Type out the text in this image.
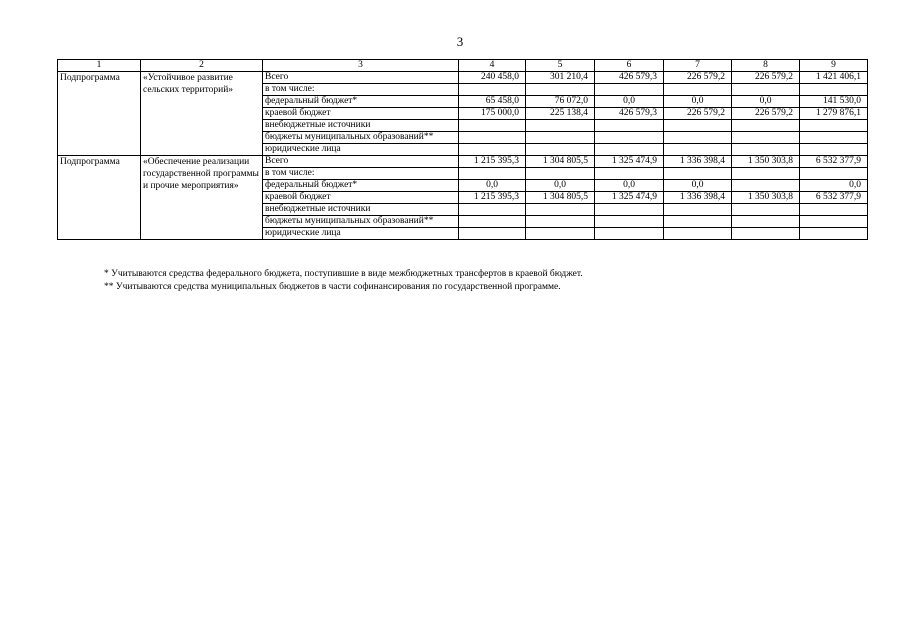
3
1	2	3	4	5	6	7	8	9
Подпрограмма	«Устойчивое развитие сельских территорий»	Всего	240 458,0	301 210,4	426 579,3	226 579,2	226 579,2	1 421 406,1
		в том числе:						
		федеральный бюджет*	65 458,0	76 072,0	0,0	0,0	0,0	141 530,0
		краевой бюджет	175 000,0	225 138,4	426 579,3	226 579,2	226 579,2	1 279 876,1
		внебюджетные источники						
		бюджеты муниципальных образований**						
		юридические лица						
Подпрограмма	«Обеспечение реализации государственной программы и прочие мероприятия»	Всего	1 215 395,3	1 304 805,5	1 325 474,9	1 336 398,4	1 350 303,8	6 532 377,9
		в том числе:						
		федеральный бюджет*	0,0	0,0	0,0	0,0		0,0
		краевой бюджет	1 215 395,3	1 304 805,5	1 325 474,9	1 336 398,4	1 350 303,8	6 532 377,9
		внебюджетные источники						
		бюджеты муниципальных образований**						
		юридические лица						
* Учитываются средства федерального бюджета, поступившие в виде межбюджетных трансфертов в краевой бюджет.
** Учитываются средства муниципальных бюджетов в части софинансирования по государственной программе.
